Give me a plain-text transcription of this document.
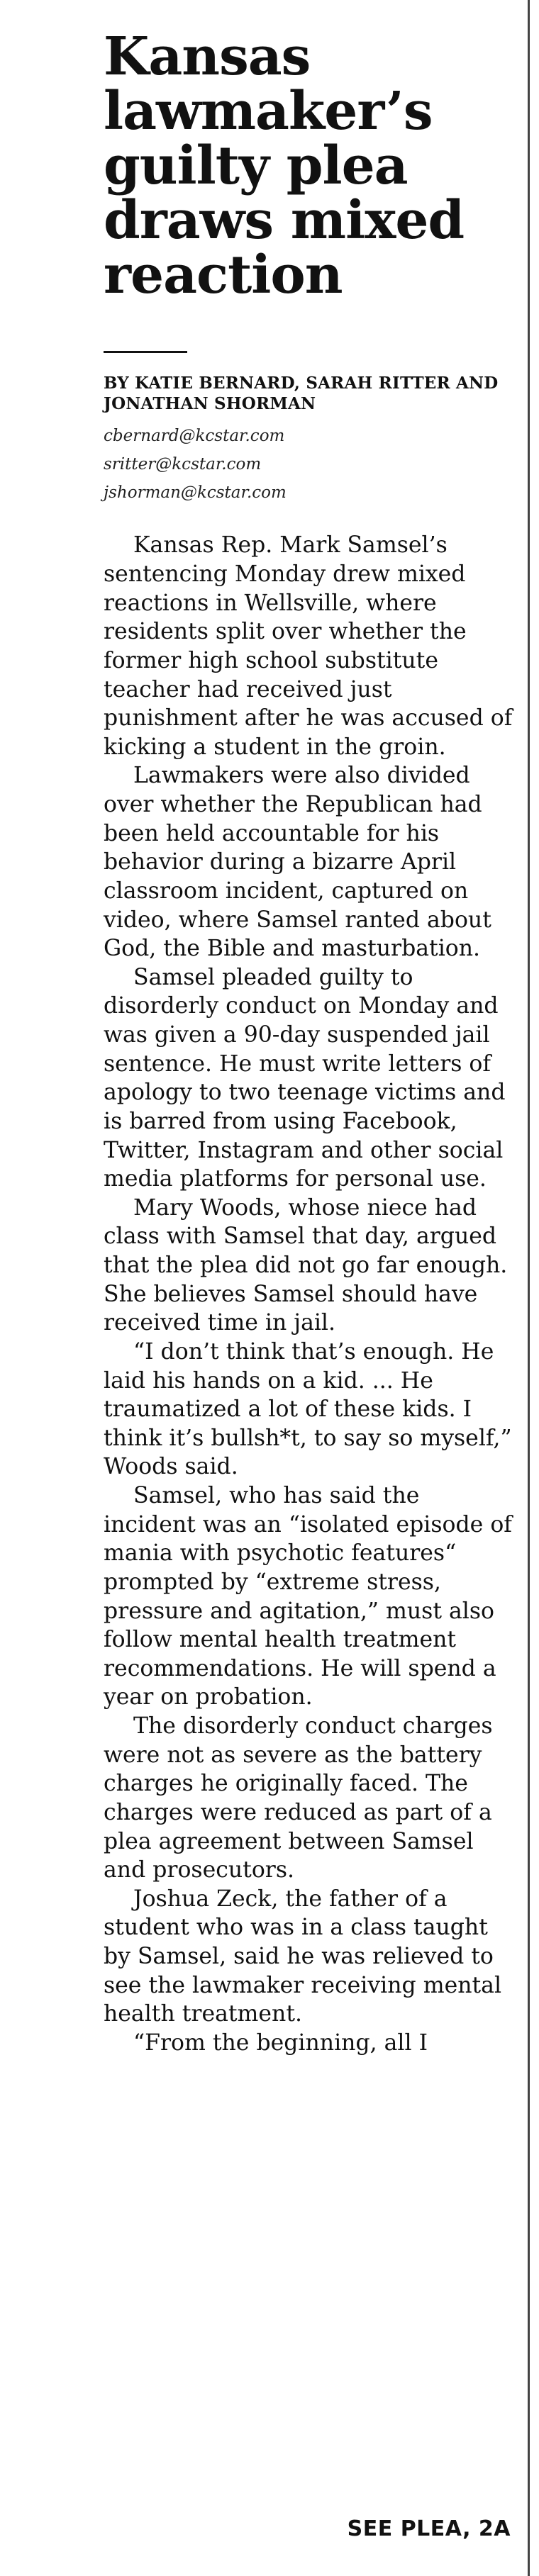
Kansas lawmaker’s guilty plea draws mixed reaction
BY KATIE BERNARD, SARAH RITTER AND JONATHAN SHORMAN
cbernard@kcstar.com
sritter@kcstar.com
jshorman@kcstar.com

Kansas Rep. Mark Samsel’s sentencing Monday drew mixed reactions in Wellsville, where residents split over whether the former high school substitute teacher had received just punishment after he was accused of kicking a student in the groin.

Lawmakers were also divided over whether the Republican had been held accountable for his behavior during a bizarre April classroom incident, captured on video, where Samsel ranted about God, the Bible and masturbation.

Samsel pleaded guilty to disorderly conduct on Monday and was given a 90-day suspended jail sentence. He must write letters of apology to two teenage victims and is barred from using Facebook, Twitter, Instagram and other social media platforms for personal use.

Mary Woods, whose niece had class with Samsel that day, argued that the plea did not go far enough. She believes Samsel should have received time in jail.

“I don’t think that’s enough. He laid his hands on a kid. ... He traumatized a lot of these kids. I think it’s bullsh*t, to say so myself,” Woods said.

Samsel, who has said the incident was an “isolated episode of mania with psychotic features“ prompted by “extreme stress, pressure and agitation,” must also follow mental health treatment recommendations. He will spend a year on probation.

The disorderly conduct charges were not as severe as the battery charges he originally faced. The charges were reduced as part of a plea agreement between Samsel and prosecutors.

Joshua Zeck, the father of a student who was in a class taught by Samsel, said he was relieved to see the lawmaker receiving mental health treatment.

“From the beginning, all I

SEE PLEA, 2A
